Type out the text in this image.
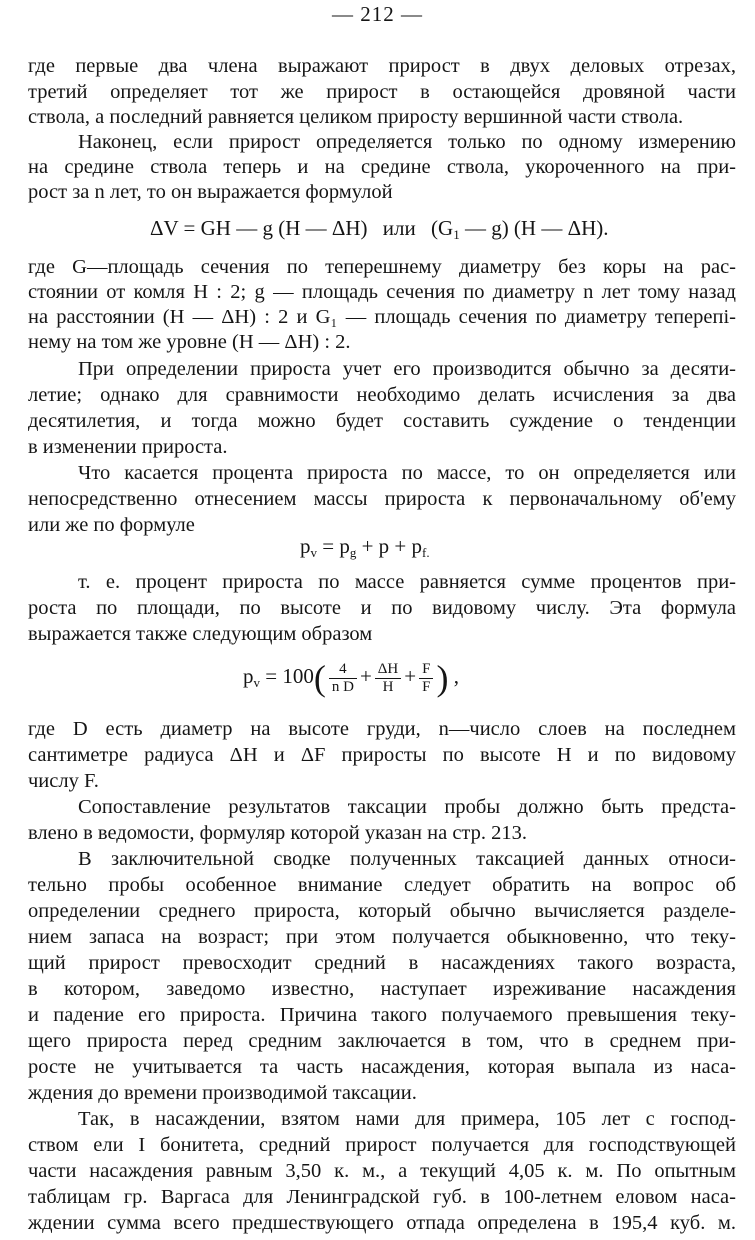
— 212 —
где первые два члена выражают прирост в двух деловых отрезах,
третий определяет тот же прирост в остающейся дровяной части
ствола, а последний равняется целиком приросту вершинной части ствола.
Наконец, если прирост определяется только по одному измерению
на средине ствола теперь и на средине ствола, укороченного на при-
рост за n лет, то он выражается формулой
ΔV = GH — g (H — ΔH) или ($G_1$ — g) (H — ΔH).
где G—площадь сечения по теперешнему диаметру без коры на рас-
стоянии от комля H : 2; g — площадь сечения по диаметру n лет тому назад
на расстоянии (H — ΔH) : 2 и G₁ — площадь сечения по диаметру теперепі-
нему на том же уровне (H — ΔH) : 2.
При определении прироста учет его производится обычно за десяти-
летие; однако для сравнимости необходимо делать исчисления за два
десятилетия, и тогда можно будет составить суждение о тенденции
в изменении прироста.
Что касается процента прироста по массе, то он определяется или
непосредственно отнесением массы прироста к первоначальному об'ему
или же по формуле
$p_v = p_g + p + p_{f.}$
т. е. процент прироста по массе равняется сумме процентов при-
роста по площади, по высоте и по видовому числу. Эта формула
выражается также следующим образом
$p_v = 100( \frac{4}{\text{n D}} + \frac{\Delta H}{H} + \frac{F}{F}$ ) ,
где D есть диаметр на высоте груди, n—число слоев на последнем
сантиметре радиуса ΔH и ΔF приросты по высоте H и по видовому
числу F.
Сопоставление результатов таксации пробы должно быть предста-
влено в ведомости, формуляр которой указан на стр. 213.
В заключительной сводке полученных таксацией данных относи-
тельно пробы особенное внимание следует обратить на вопрос об
определении среднего прироста, который обычно вычисляется разделе-
нием запаса на возраст; при этом получается обыкновенно, что теку-
щий прирост превосходит средний в насаждениях такого возраста,
в котором, заведомо известно, наступает изреживание насаждения
и падение его прироста. Причина такого получаемого превышения теку-
щего прироста перед средним заключается в том, что в среднем при-
росте не учитывается та часть насаждения, которая выпала из наса-
ждения до времени производимой таксации.
Так, в насаждении, взятом нами для примера, 105 лет с господ-
ством ели I бонитета, средний прирост получается для господствующей
части насаждения равным 3,50 к. м., а текущий 4,05 к. м. По опытным
таблицам гр. Варгаса для Ленинградской губ. в 100-летнем еловом наса-
ждении сумма всего предшествующего отпада определена в 195,4 куб. м.
